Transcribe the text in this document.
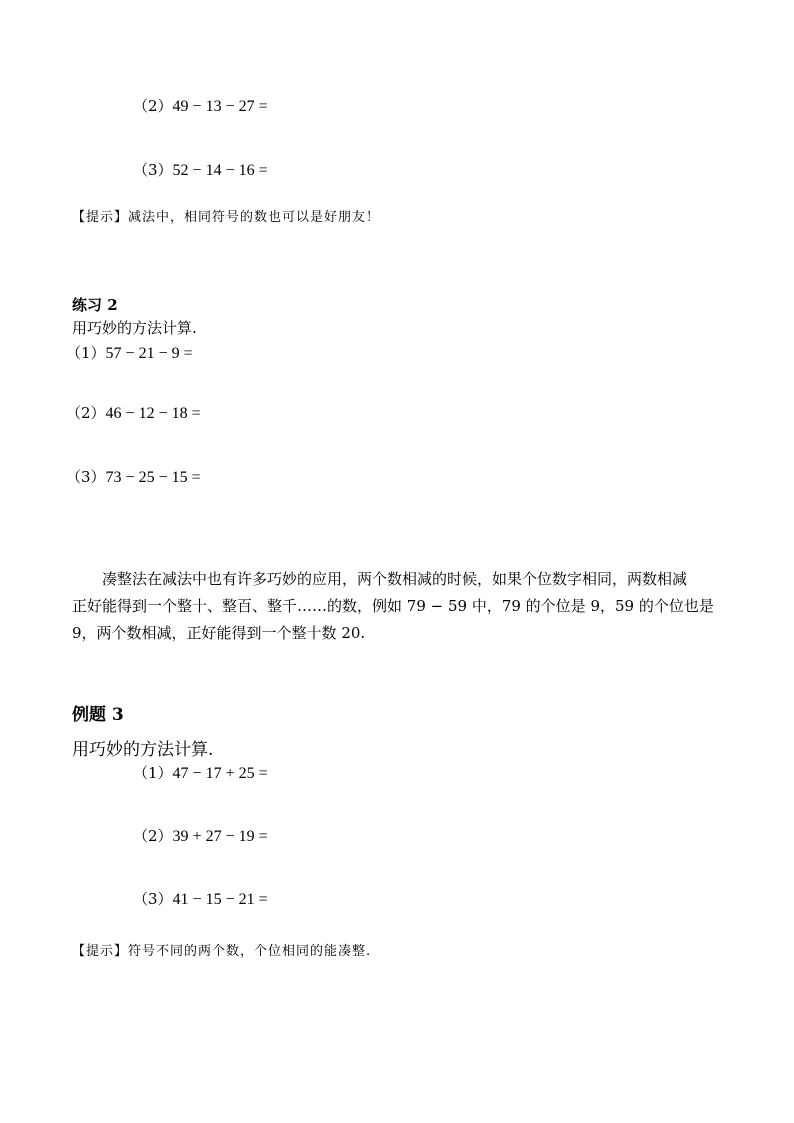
（2）49 − 13 − 27 =
（3）52 − 14 − 16 =
【提示】减法中，相同符号的数也可以是好朋友！
练习 2
用巧妙的方法计算.
（1）57 − 21 − 9 =
（2）46 − 12 − 18 =
（3）73 − 25 − 15 =

凑整法在减法中也有许多巧妙的应用，两个数相减的时候，如果个位数字相同，两数相减

正好能得到一个整十、整百、整千……的数，例如 79 − 59 中，79 的个位是 9，59 的个位也是

9，两个数相减，正好能得到一个整十数 20.

例题 3
用巧妙的方法计算.
（1）47 − 17 + 25 =
（2）39 + 27 − 19 =
（3）41 − 15 − 21 =
【提示】符号不同的两个数，个位相同的能凑整.
